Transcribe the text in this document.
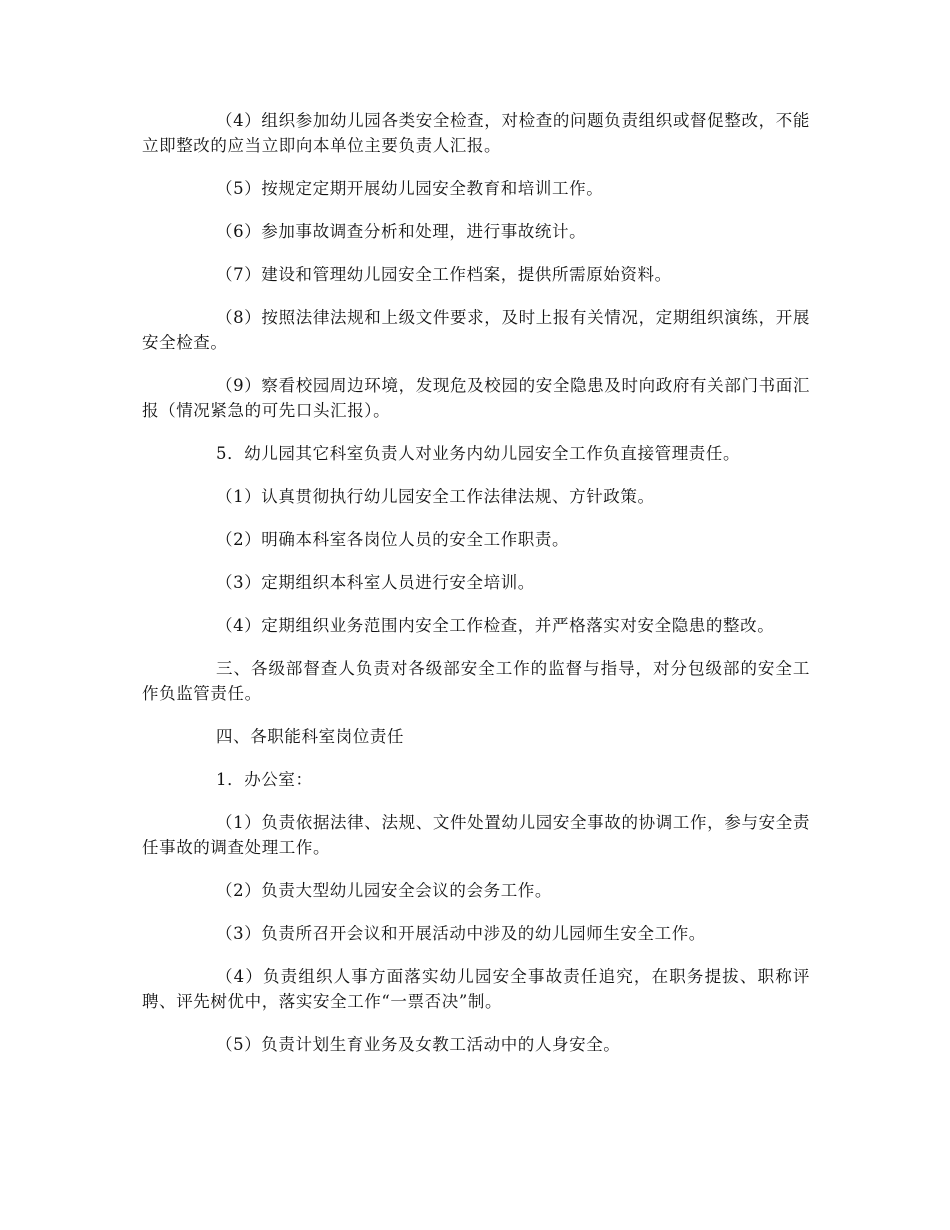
（4）组织参加幼儿园各类安全检查，对检查的问题负责组织或督促整改，不能立即整改的应当立即向本单位主要负责人汇报。

（5）按规定定期开展幼儿园安全教育和培训工作。

（6）参加事故调查分析和处理，进行事故统计。

（7）建设和管理幼儿园安全工作档案，提供所需原始资料。

（8）按照法律法规和上级文件要求，及时上报有关情况，定期组织演练，开展安全检查。

（9）察看校园周边环境，发现危及校园的安全隐患及时向政府有关部门书面汇报（情况紧急的可先口头汇报）。

5．幼儿园其它科室负责人对业务内幼儿园安全工作负直接管理责任。

（1）认真贯彻执行幼儿园安全工作法律法规、方针政策。

（2）明确本科室各岗位人员的安全工作职责。

（3）定期组织本科室人员进行安全培训。

（4）定期组织业务范围内安全工作检查，并严格落实对安全隐患的整改。

三、各级部督查人负责对各级部安全工作的监督与指导，对分包级部的安全工作负监管责任。

四、各职能科室岗位责任

1．办公室：

（1）负责依据法律、法规、文件处置幼儿园安全事故的协调工作，参与安全责任事故的调查处理工作。

（2）负责大型幼儿园安全会议的会务工作。

（3）负责所召开会议和开展活动中涉及的幼儿园师生安全工作。

（4）负责组织人事方面落实幼儿园安全事故责任追究，在职务提拔、职称评聘、评先树优中，落实安全工作“一票否决”制。

（5）负责计划生育业务及女教工活动中的人身安全。
